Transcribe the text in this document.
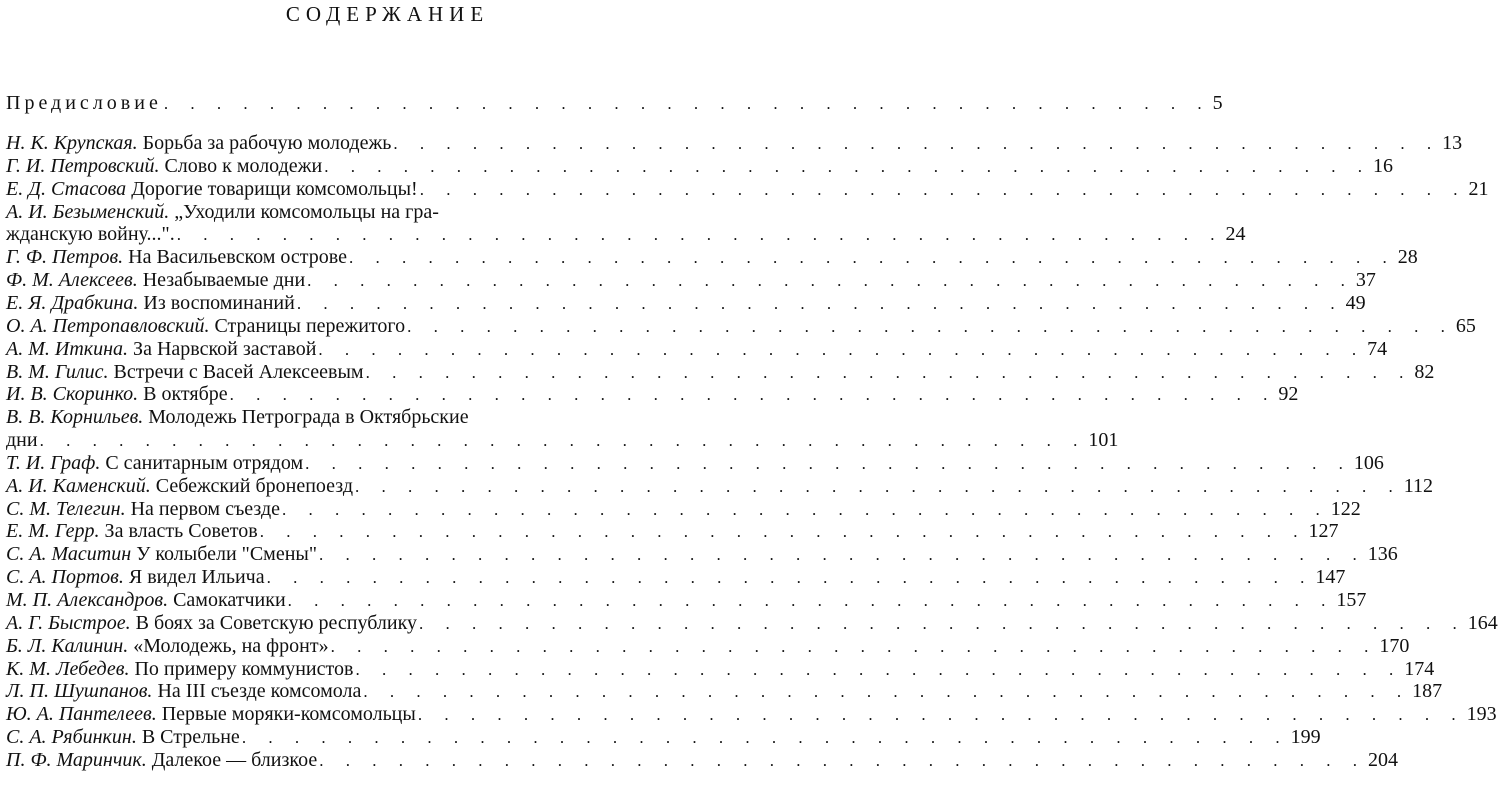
СОДЕРЖАНИЕ
Предисловие . . . . . . . . . . . . . . . . . . . . . . . . . . . . . . . . . . . . . . . . 5
Н. К. Крупская. Борьба за рабочую молодежь . . . . . . . . . . . . . . . . . . . . . . . . . . . . . . . . . . . . . . . . 13
Г. И. Петровский. Слово к молодежи . . . . . . . . . . . . . . . . . . . . . . . . . . . . . . . . . . . . . . . . 16
Е. Д. Стасова Дорогие товарищи комсомольцы! . . . . . . . . . . . . . . . . . . . . . . . . . . . . . . . . . . . . . . . . 21
А. И. Безыменский. „Уходили комсомольцы на гра-
жданскую войну...". . . . . . . . . . . . . . . . . . . . . . . . . . . . . . . . . . . . . . . . . 24
Г. Ф. Петров. На Васильевском острове . . . . . . . . . . . . . . . . . . . . . . . . . . . . . . . . . . . . . . . . 28
Ф. М. Алексеев. Незабываемые дни . . . . . . . . . . . . . . . . . . . . . . . . . . . . . . . . . . . . . . . . 37
Е. Я. Драбкина. Из воспоминаний . . . . . . . . . . . . . . . . . . . . . . . . . . . . . . . . . . . . . . . . 49
О. А. Петропавловский. Страницы пережитого . . . . . . . . . . . . . . . . . . . . . . . . . . . . . . . . . . . . . . . . 65
А. М. Иткина. За Нарвской заставой . . . . . . . . . . . . . . . . . . . . . . . . . . . . . . . . . . . . . . . . 74
В. М. Гилис. Встречи с Васей Алексеевым . . . . . . . . . . . . . . . . . . . . . . . . . . . . . . . . . . . . . . . . 82
И. В. Скоринко. В октябре . . . . . . . . . . . . . . . . . . . . . . . . . . . . . . . . . . . . . . . . 92
В. В. Корнильев. Молодежь Петрограда в Октябрьские
дни . . . . . . . . . . . . . . . . . . . . . . . . . . . . . . . . . . . . . . . . 101
Т. И. Граф. С санитарным отрядом . . . . . . . . . . . . . . . . . . . . . . . . . . . . . . . . . . . . . . . . 106
А. И. Каменский. Себежский бронепоезд . . . . . . . . . . . . . . . . . . . . . . . . . . . . . . . . . . . . . . . . 112
С. М. Телегин. На первом съезде . . . . . . . . . . . . . . . . . . . . . . . . . . . . . . . . . . . . . . . . 122
Е. М. Герр. За власть Советов . . . . . . . . . . . . . . . . . . . . . . . . . . . . . . . . . . . . . . . . 127
С. А. Маситин У колыбели "Смены" . . . . . . . . . . . . . . . . . . . . . . . . . . . . . . . . . . . . . . . . 136
С. А. Портов. Я видел Ильича . . . . . . . . . . . . . . . . . . . . . . . . . . . . . . . . . . . . . . . . 147
М. П. Александров. Самокатчики . . . . . . . . . . . . . . . . . . . . . . . . . . . . . . . . . . . . . . . . 157
А. Г. Быстрое. В боях за Советскую республику . . . . . . . . . . . . . . . . . . . . . . . . . . . . . . . . . . . . . . . . 164
Б. Л. Калинин. «Молодежь, на фронт» . . . . . . . . . . . . . . . . . . . . . . . . . . . . . . . . . . . . . . . . 170
К. М. Лебедев. По примеру коммунистов . . . . . . . . . . . . . . . . . . . . . . . . . . . . . . . . . . . . . . . . 174
Л. П. Шушпанов. На III съезде комсомола . . . . . . . . . . . . . . . . . . . . . . . . . . . . . . . . . . . . . . . . 187
Ю. А. Пантелеев. Первые моряки-комсомольцы . . . . . . . . . . . . . . . . . . . . . . . . . . . . . . . . . . . . . . . . 193
С. А. Рябинкин. В Стрельне . . . . . . . . . . . . . . . . . . . . . . . . . . . . . . . . . . . . . . . . 199
П. Ф. Маринчик. Далекое — близкое . . . . . . . . . . . . . . . . . . . . . . . . . . . . . . . . . . . . . . . . 204
